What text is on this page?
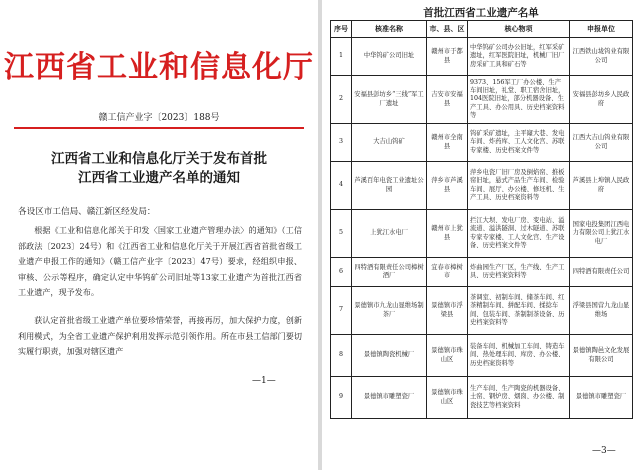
江西省工业和信息化厅
赣工信产业字〔2023〕188号
江西省工业和信息化厅关于发布首批
江西省工业遗产名单的通知
各设区市工信局、赣江新区经发局：

根据《工业和信息化部关于印发〈国家工业遗产管理办法〉的通知》（工信部政法〔2023〕24号）和《江西省工业和信息化厅关于开展江西省首批省级工业遗产申报工作的通知》（赣工信产业字〔2023〕47号）要求，经组织申报、审核、公示等程序，确定认定中华钨矿公司旧址等13家工业遗产为首批江西省工业遗产，现予发布。

获认定首批省级工业遗产单位要珍惜荣誉，再接再厉，加大保护力度，创新利用模式，为全省工业遗产保护利用发挥示范引领作用。所在市县工信部门要切实履行职责，加强对辖区遗产

—1—
首批江西省工业遗产名单
序号	核准名称	市、县、区	核心物项	申报单位
1	中华钨矿公司旧址	赣州市于都县	中华钨矿公司办公旧址，红军采矿遗址，红军医院旧址，机械厂旧厂房采矿工具和矿石等	江西铁山垅钨业有限公司
2	安福县彭坊乡“三线”军工厂遗址	吉安市安福县	9373、156军工厂办公楼、生产车间旧址，礼堂、职工宿舍旧址，104医院旧址，部分机器设备、生产工具、办公用具、历史档案资料等	安福县彭坊乡人民政府
3	大吉山钨矿	赣州市全南县	钨矿采矿遗址，主平窿大巷、发电车间、炸药库、工人文化宫、苏联专家楼、历史档案文件等	江西大吉山钨业有限公司
4	芦溪百年电瓷工业遗址公园	萍乡市芦溪县	萍乡电瓷厂旧厂房及倒焰窑、推板窑旧址，悬式产品生产车间、检验车间、展厅、办公楼、修坯机、生产工具、历史档案资料等	芦溪县上埠镇人民政府
5	上犹江水电厂	赣州市上犹县	拦江大坝、发电厂房、变电站、溢流道、溢洪隧洞、过木隧道、苏联专家专家楼、工人文化宫、生产设备、历史档案文件等	国家电投集团江西电力有限公司上犹江水电厂
6	四特酒有限责任公司樟树酒厂	宜春市樟树市	炸曲园生产厂区，生产线、生产工具、历史档案资料等	四特酒有限责任公司
7	景德镇市九龙山显维场制茶厂	景德镇市浮梁县	茶调室、初制车间、储茶车间、红茶精制车间、拼配车间、揉捻车间、包装车间、茶制制茶设备、历史档案资料等	浮梁县国营九龙山显维场
8	景德镇陶瓷机械厂	景德镇市珠山区	装备车间、机械加工车间、铸造车间、热处理车间、库房、办公楼、历史档案资料等	景德镇陶邑文化发展有限公司
9	景德镇市雕塑瓷厂	景德镇市珠山区	生产车间、生产陶瓷的机器设备、土窑、钢炉房、烟囱、办公楼、制瓷技艺等档案资料	景德镇市雕塑瓷厂
—3—
